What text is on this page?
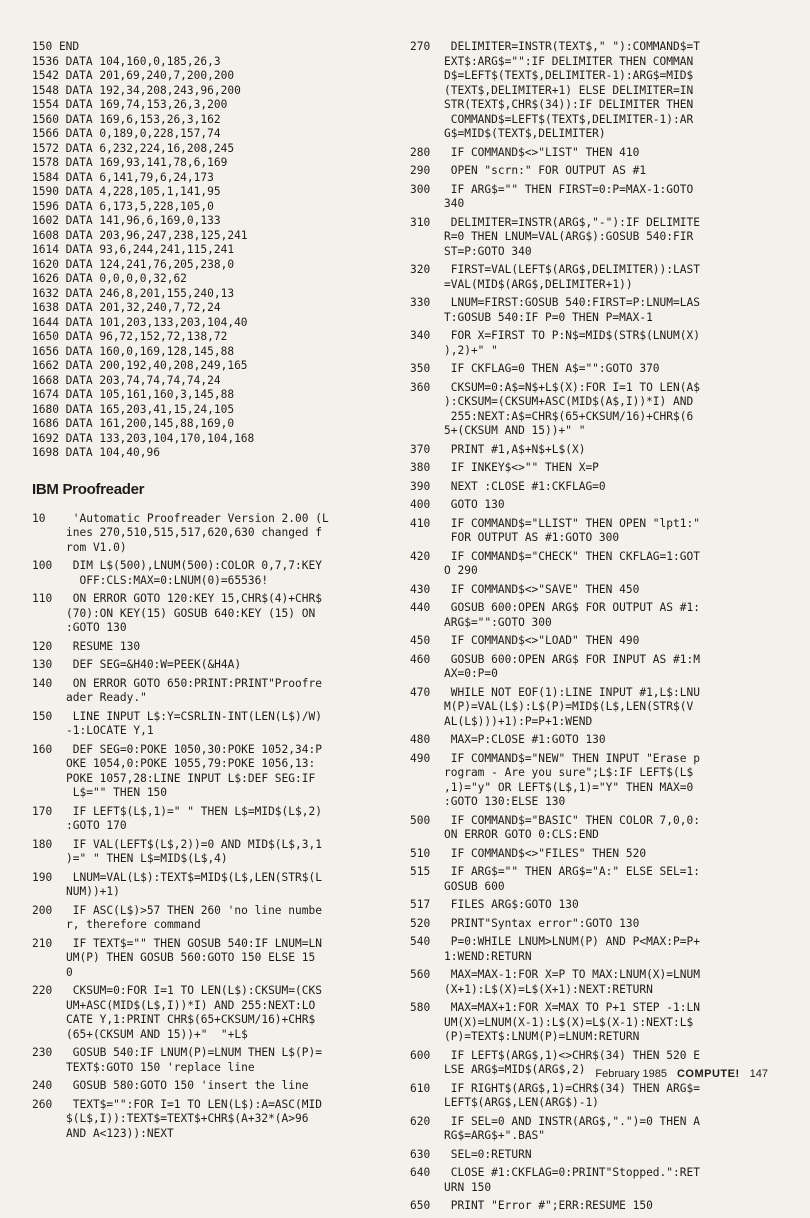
150 END
1536 DATA 104,160,0,185,26,3
1542 DATA 201,69,240,7,200,200
1548 DATA 192,34,208,243,96,200
1554 DATA 169,74,153,26,3,200
1560 DATA 169,6,153,26,3,162
1566 DATA 0,189,0,228,157,74
1572 DATA 6,232,224,16,208,245
1578 DATA 169,93,141,78,6,169
1584 DATA 6,141,79,6,24,173
1590 DATA 4,228,105,1,141,95
1596 DATA 6,173,5,228,105,0
1602 DATA 141,96,6,169,0,133
1608 DATA 203,96,247,238,125,241
1614 DATA 93,6,244,241,115,241
1620 DATA 124,241,76,205,238,0
1626 DATA 0,0,0,0,32,62
1632 DATA 246,8,201,155,240,13
1638 DATA 201,32,240,7,72,24
1644 DATA 101,203,133,203,104,40
1650 DATA 96,72,152,72,138,72
1656 DATA 160,0,169,128,145,88
1662 DATA 200,192,40,208,249,165
1668 DATA 203,74,74,74,74,24
1674 DATA 105,161,160,3,145,88
1680 DATA 165,203,41,15,24,105
1686 DATA 161,200,145,88,169,0
1692 DATA 133,203,104,170,104,168
1698 DATA 104,40,96
IBM Proofreader
10	'Automatic Proofreader Version 2.00 (L
ines 270,510,515,517,620,630 changed f
rom V1.0)
100	DIM L$(500),LNUM(500):COLOR 0,7,7:KEY
OFF:CLS:MAX=0:LNUM(0)=65536!
110	ON ERROR GOTO 120:KEY 15,CHR$(4)+CHR$
(70):ON KEY(15) GOSUB 640:KEY (15) ON
:GOTO 130
120	RESUME 130
130	DEF SEG=&H40:W=PEEK(&H4A)
140	ON ERROR GOTO 650:PRINT:PRINT"Proofre
ader Ready."
150	LINE INPUT L$:Y=CSRLIN-INT(LEN(L$)/W)
-1:LOCATE Y,1
160	DEF SEG=0:POKE 1050,30:POKE 1052,34:P
OKE 1054,0:POKE 1055,79:POKE 1056,13:
POKE 1057,28:LINE INPUT L$:DEF SEG:IF
L$="" THEN 150
170	IF LEFT$(L$,1)=" " THEN L$=MID$(L$,2)
:GOTO 170
180	IF VAL(LEFT$(L$,2))=0 AND MID$(L$,3,1
)=" " THEN L$=MID$(L$,4)
190	LNUM=VAL(L$):TEXT$=MID$(L$,LEN(STR$(L
NUM))+1)
200	IF ASC(L$)>57 THEN 260 'no line numbe
r, therefore command
210	IF TEXT$="" THEN GOSUB 540:IF LNUM=LN
UM(P) THEN GOSUB 560:GOTO 150 ELSE 15
0
220	CKSUM=0:FOR I=1 TO LEN(L$):CKSUM=(CKS
UM+ASC(MID$(L$,I))*I) AND 255:NEXT:LO
CATE Y,1:PRINT CHR$(65+CKSUM/16)+CHR$
(65+(CKSUM AND 15))+"  "+L$
230	GOSUB 540:IF LNUM(P)=LNUM THEN L$(P)=
TEXT$:GOTO 150 'replace line
240	GOSUB 580:GOTO 150 'insert the line
260	TEXT$="":FOR I=1 TO LEN(L$):A=ASC(MID
$(L$,I)):TEXT$=TEXT$+CHR$(A+32*(A>96
AND A<123)):NEXT
270	DELIMITER=INSTR(TEXT$," "):COMMAND$=T
EXT$:ARG$="":IF DELIMITER THEN COMMAN
D$=LEFT$(TEXT$,DELIMITER-1):ARG$=MID$
(TEXT$,DELIMITER+1) ELSE DELIMITER=IN
STR(TEXT$,CHR$(34)):IF DELIMITER THEN
COMMAND$=LEFT$(TEXT$,DELIMITER-1):AR
G$=MID$(TEXT$,DELIMITER)
280	IF COMMAND$<>"LIST" THEN 410
290	OPEN "scrn:" FOR OUTPUT AS #1
300	IF ARG$="" THEN FIRST=0:P=MAX-1:GOTO
340
310	DELIMITER=INSTR(ARG$,"-"):IF DELIMITE
R=0 THEN LNUM=VAL(ARG$):GOSUB 540:FIR
ST=P:GOTO 340
320	FIRST=VAL(LEFT$(ARG$,DELIMITER)):LAST
=VAL(MID$(ARG$,DELIMITER+1))
330	LNUM=FIRST:GOSUB 540:FIRST=P:LNUM=LAS
T:GOSUB 540:IF P=0 THEN P=MAX-1
340	FOR X=FIRST TO P:N$=MID$(STR$(LNUM(X)
),2)+" "
350	IF CKFLAG=0 THEN A$="":GOTO 370
360	CKSUM=0:A$=N$+L$(X):FOR I=1 TO LEN(A$
):CKSUM=(CKSUM+ASC(MID$(A$,I))*I) AND
255:NEXT:A$=CHR$(65+CKSUM/16)+CHR$(6
5+(CKSUM AND 15))+" "
370	PRINT #1,A$+N$+L$(X)
380	IF INKEY$<>"" THEN X=P
390	NEXT :CLOSE #1:CKFLAG=0
400	GOTO 130
410	IF COMMAND$="LLIST" THEN OPEN "lpt1:"
FOR OUTPUT AS #1:GOTO 300
420	IF COMMAND$="CHECK" THEN CKFLAG=1:GOT
O 290
430	IF COMMAND$<>"SAVE" THEN 450
440	GOSUB 600:OPEN ARG$ FOR OUTPUT AS #1:
ARG$="":GOTO 300
450	IF COMMAND$<>"LOAD" THEN 490
460	GOSUB 600:OPEN ARG$ FOR INPUT AS #1:M
AX=0:P=0
470	WHILE NOT EOF(1):LINE INPUT #1,L$:LNU
M(P)=VAL(L$):L$(P)=MID$(L$,LEN(STR$(V
AL(L$)))+1):P=P+1:WEND
480	MAX=P:CLOSE #1:GOTO 130
490	IF COMMAND$="NEW" THEN INPUT "Erase p
rogram - Are you sure";L$:IF LEFT$(L$
,1)="y" OR LEFT$(L$,1)="Y" THEN MAX=0
:GOTO 130:ELSE 130
500	IF COMMAND$="BASIC" THEN COLOR 7,0,0:
ON ERROR GOTO 0:CLS:END
510	IF COMMAND$<>"FILES" THEN 520
515	IF ARG$="" THEN ARG$="A:" ELSE SEL=1:
GOSUB 600
517	FILES ARG$:GOTO 130
520	PRINT"Syntax error":GOTO 130
540	P=0:WHILE LNUM>LNUM(P) AND P<MAX:P=P+
1:WEND:RETURN
560	MAX=MAX-1:FOR X=P TO MAX:LNUM(X)=LNUM
(X+1):L$(X)=L$(X+1):NEXT:RETURN
580	MAX=MAX+1:FOR X=MAX TO P+1 STEP -1:LN
UM(X)=LNUM(X-1):L$(X)=L$(X-1):NEXT:L$
(P)=TEXT$:LNUM(P)=LNUM:RETURN
600	IF LEFT$(ARG$,1)<>CHR$(34) THEN 520 E
LSE ARG$=MID$(ARG$,2)
610	IF RIGHT$(ARG$,1)=CHR$(34) THEN ARG$=
LEFT$(ARG$,LEN(ARG$)-1)
620	IF SEL=0 AND INSTR(ARG$,".")=0 THEN A
RG$=ARG$+".BAS"
630	SEL=0:RETURN
640	CLOSE #1:CKFLAG=0:PRINT"Stopped.":RET
URN 150
650	PRINT "Error #";ERR:RESUME 150
February 1985 COMPUTE! 147
